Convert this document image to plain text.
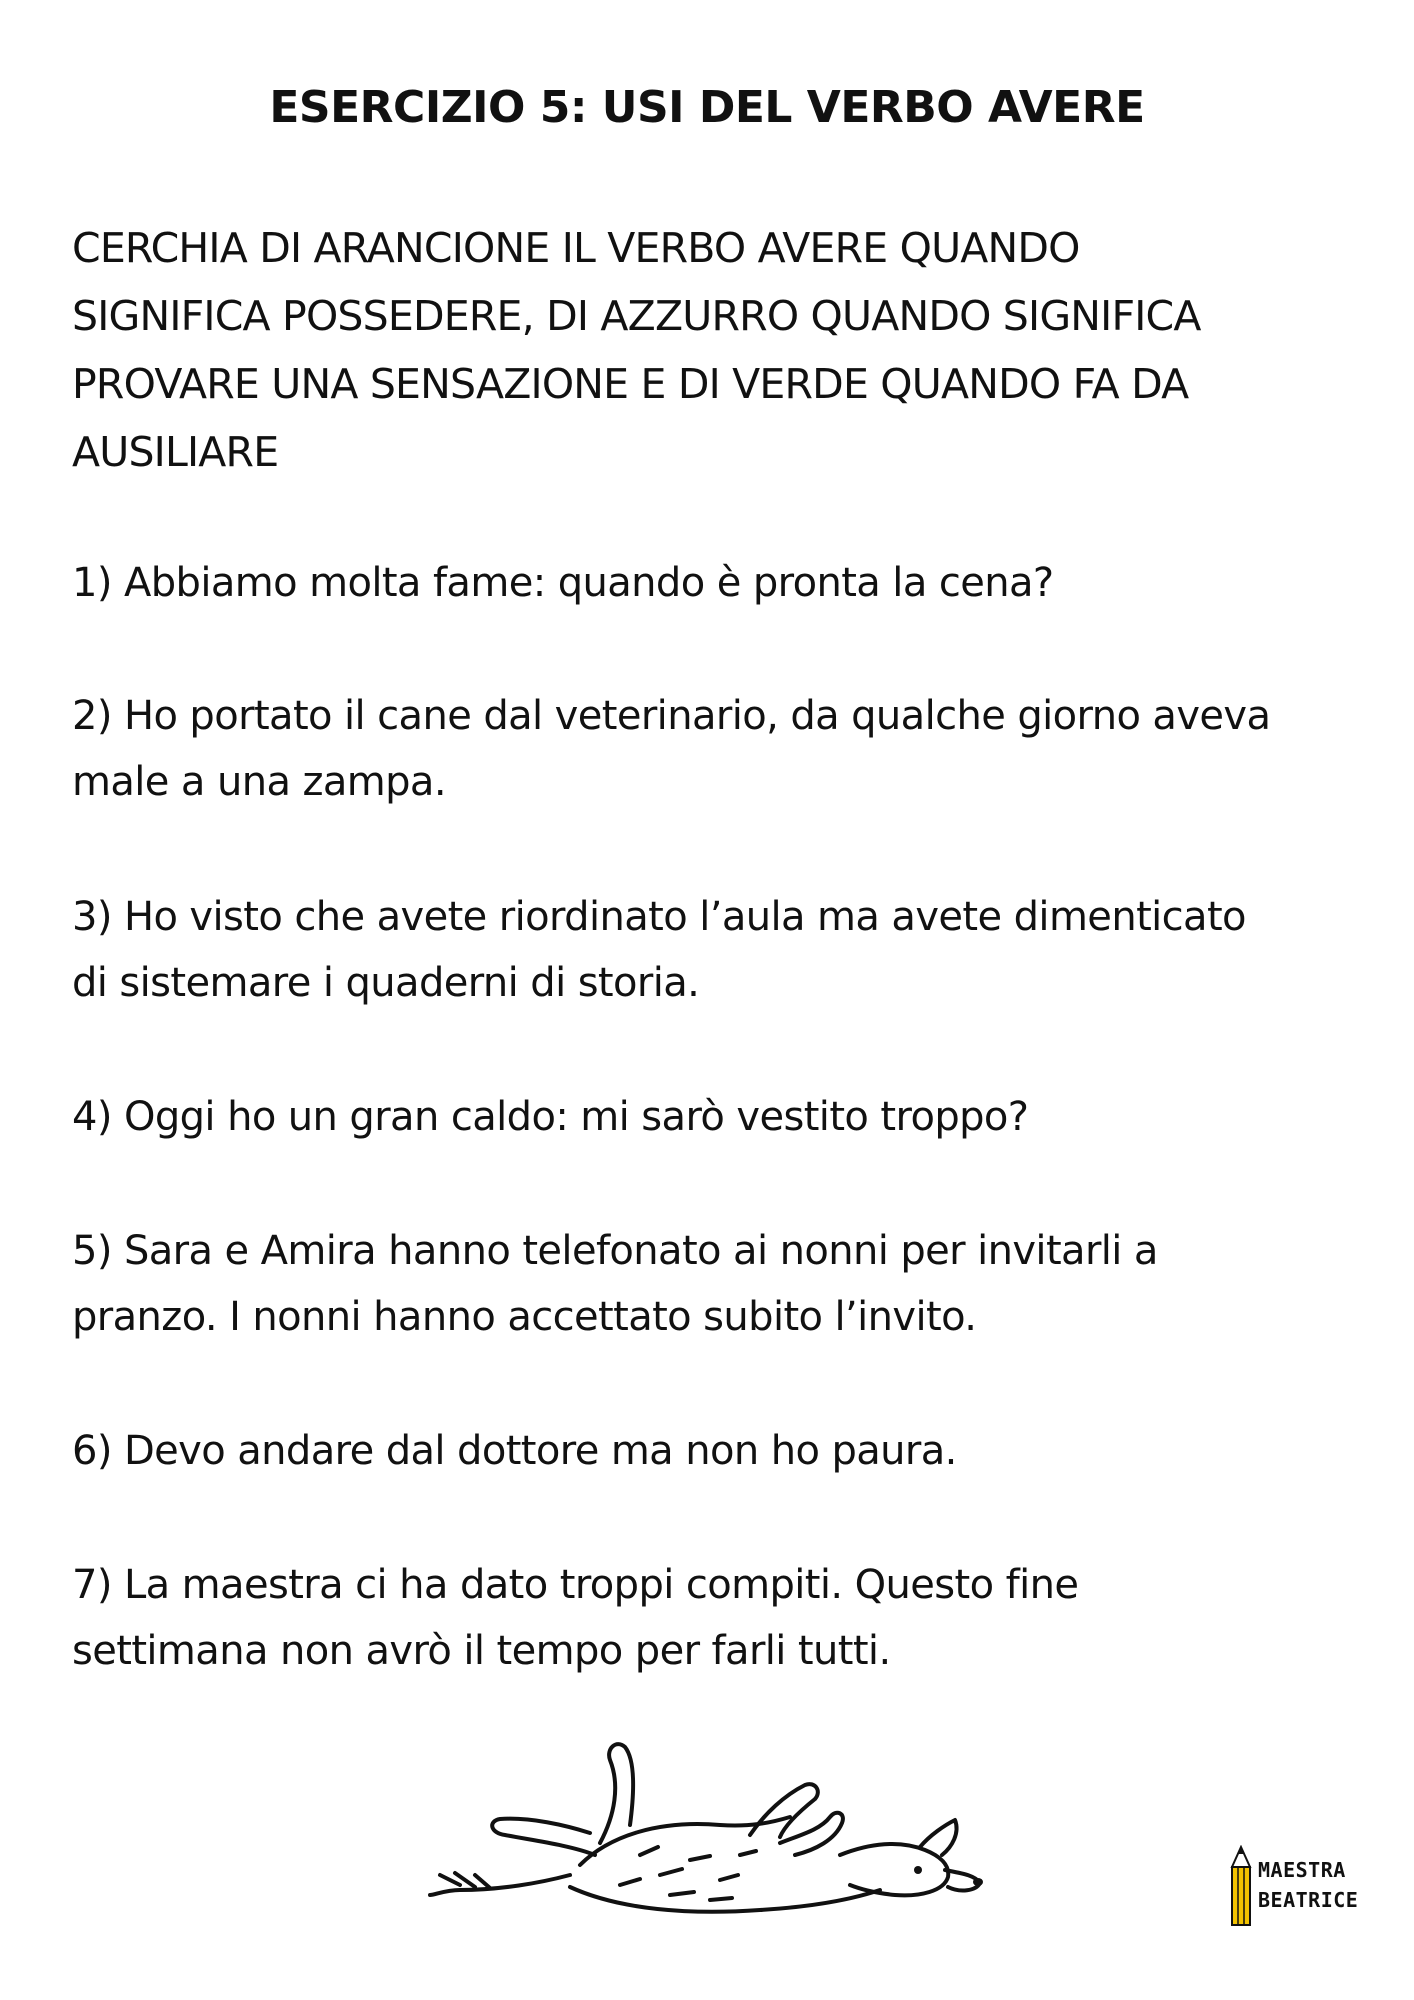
ESERCIZIO 5: USI DEL VERBO AVERE
CERCHIA DI ARANCIONE IL VERBO AVERE QUANDO
SIGNIFICA POSSEDERE, DI AZZURRO QUANDO SIGNIFICA
PROVARE UNA SENSAZIONE E DI VERDE QUANDO FA DA
AUSILIARE
1) Abbiamo molta fame: quando è pronta la cena?
2) Ho portato il cane dal veterinario, da qualche giorno aveva
male a una zampa.
3) Ho visto che avete riordinato l’aula ma avete dimenticato
di sistemare i quaderni di storia.
4) Oggi ho un gran caldo: mi sarò vestito troppo?
5) Sara e Amira hanno telefonato ai nonni per invitarli a
pranzo. I nonni hanno accettato subito l’invito.
6) Devo andare dal dottore ma non ho paura.
7) La maestra ci ha dato troppi compiti. Questo fine
settimana non avrò il tempo per farli tutti.
MAESTRA
BEATRICE
